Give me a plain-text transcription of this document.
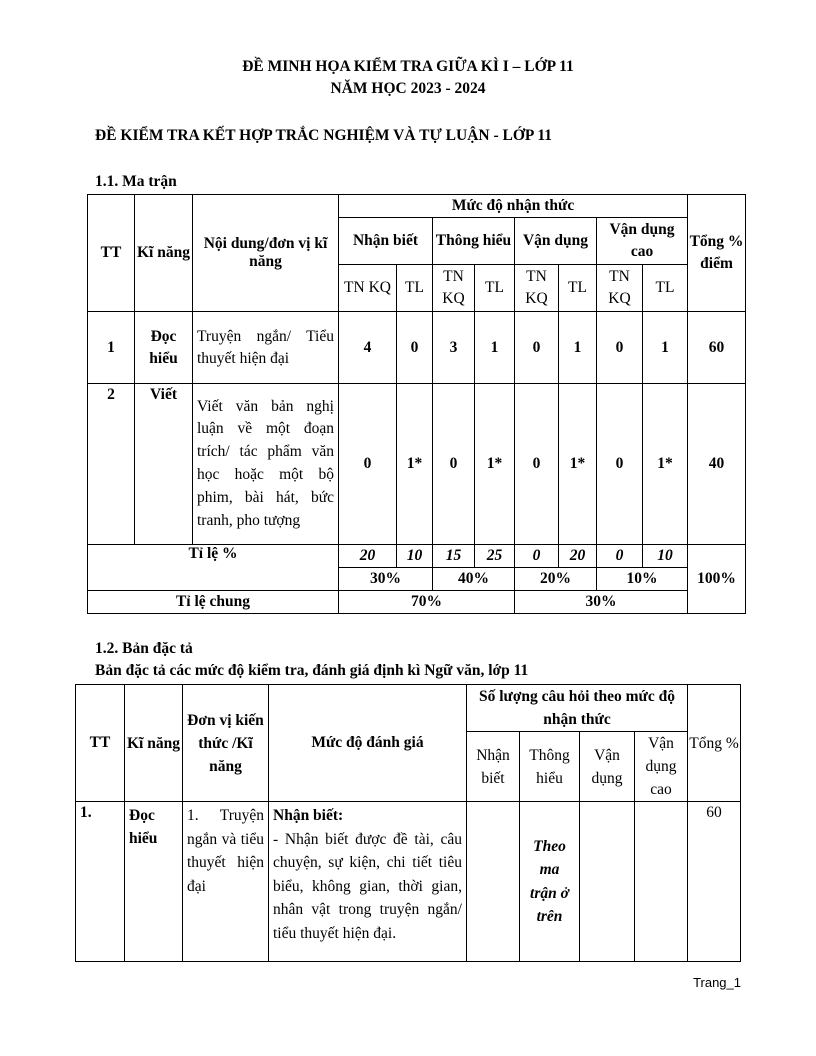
ĐỀ MINH HỌA KIỂM TRA GIỮA KÌ I – LỚP 11
NĂM HỌC 2023 - 2024
ĐỀ KIỂM TRA KẾT HỢP TRẮC NGHIỆM VÀ TỰ LUẬN - LỚP 11
1.1. Ma trận
TT	Kĩ năng	Nội dung/đơn vị kĩ năng	Mức độ nhận thức								Tổng % điểm
			Nhận biết		Thông hiểu		Vận dụng		Vận dụng cao		
			TN KQ	TL	TN KQ	TL	TN KQ	TL	TN KQ	TL	
1	Đọc hiểu	Truyện ngắn/ Tiểu thuyết hiện đại	4	0	3	1	0	1	0	1	60
2	Viết	Viết văn bản nghị luận về một đoạn trích/ tác phẩm văn học hoặc một bộ phim, bài hát, bức tranh, pho tượng	0	1*	0	1*	0	1*	0	1*	40
Tỉ lệ %			20	10	15	25	0	20	0	10	100%
			30%		40%		20%		10%		
Tỉ lệ chung			70%				30%				
1.2. Bản đặc tả
Bản đặc tả các mức độ kiểm tra, đánh giá định kì Ngữ văn, lớp 11
TT	Kĩ năng	Đơn vị kiến thức /Kĩ năng	Mức độ đánh giá	Số lượng câu hỏi theo mức độ nhận thức				Tổng %
				Nhận biết	Thông hiểu	Vận dụng	Vận dụng cao	
1.	Đọc hiểu	1. Truyện ngắn và tiểu thuyết hiện đại	Nhận biết:
- Nhận biết được đề tài, câu chuyện, sự kiện, chi tiết tiêu biểu, không gian, thời gian, nhân vật trong truyện ngắn/ tiểu thuyết hiện đại.		Theo ma trận ở trên			60
Trang_1
